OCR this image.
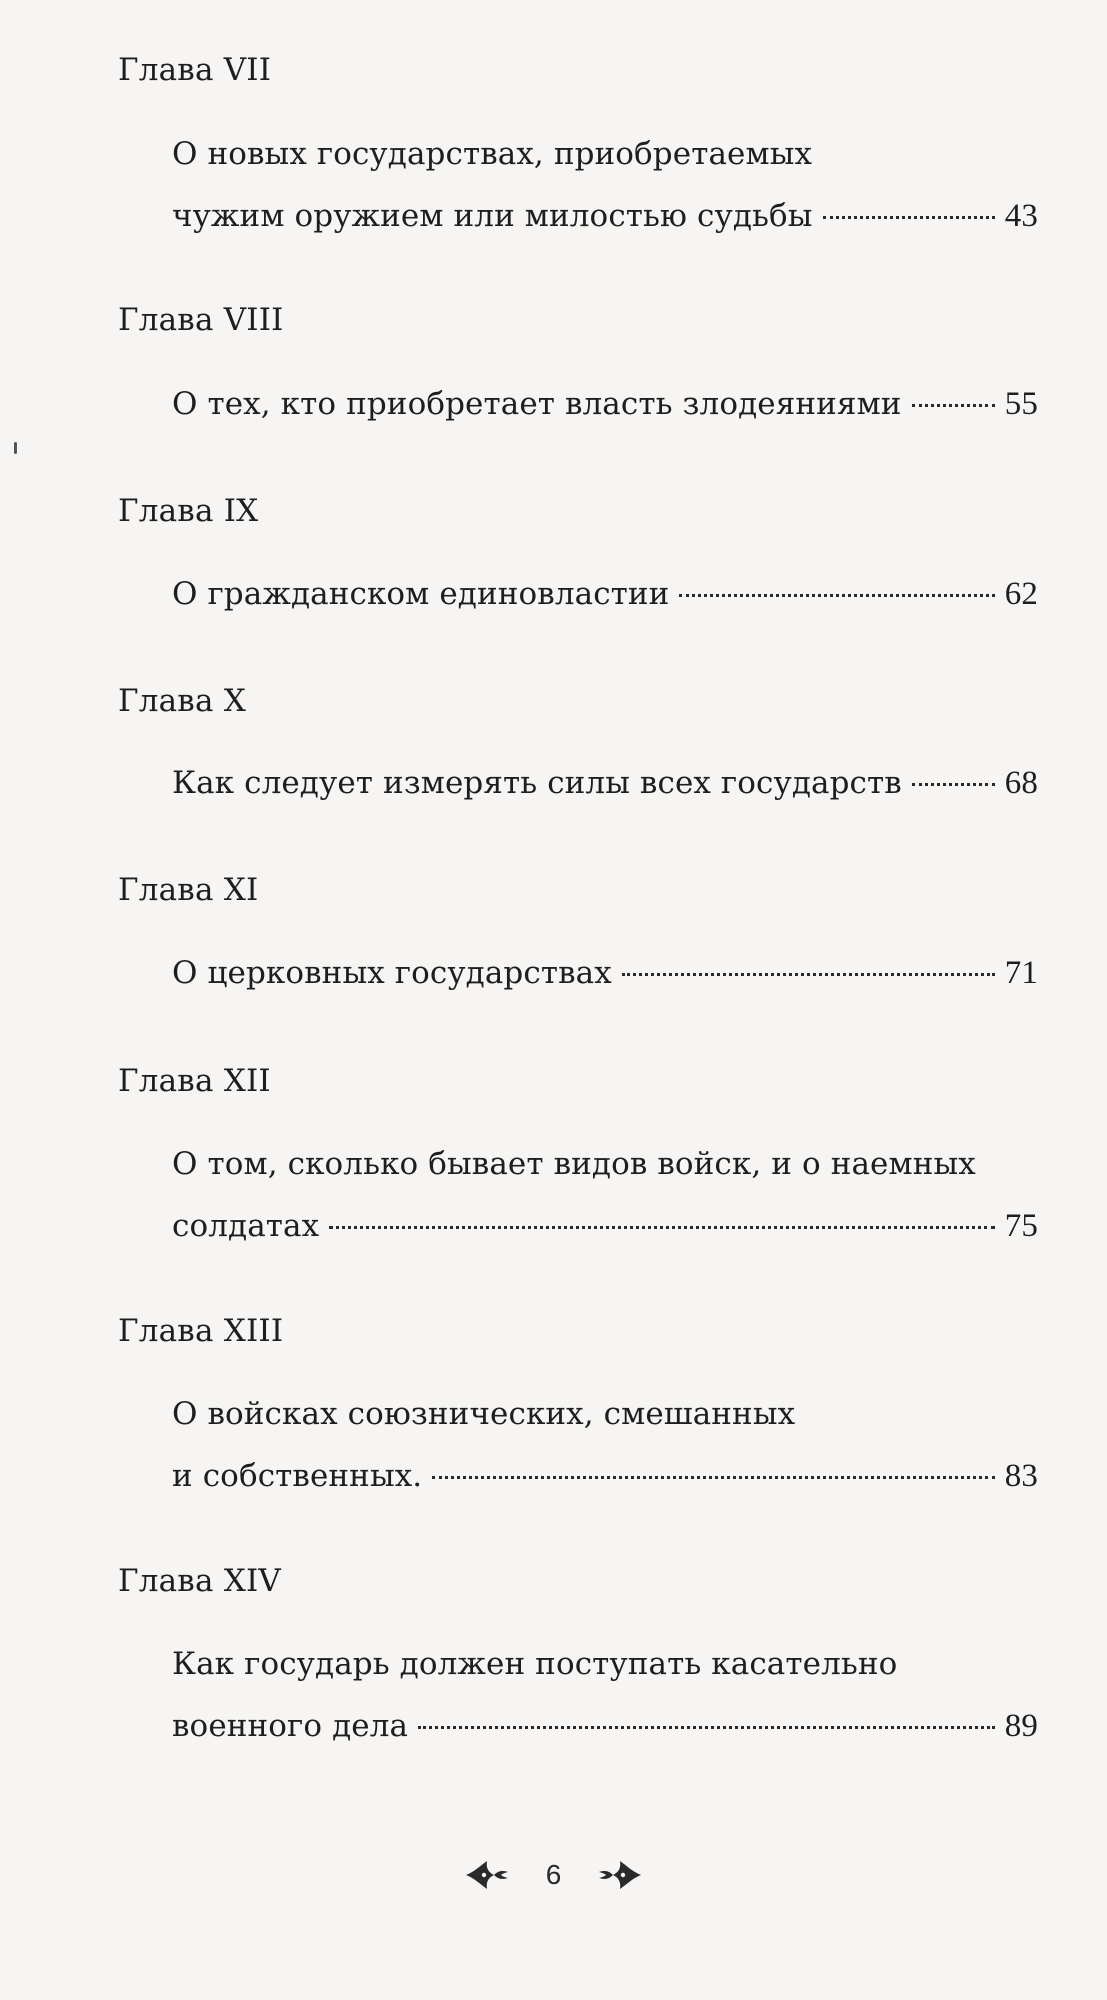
Глава VII
О новых государствах, приобретаемых
чужим оружием или милостью судьбы	43
Глава VIII
О тех, кто приобретает власть злодеяниями	55
Глава IX
О гражданском единовластии	62
Глава X
Как следует измерять силы всех государств	68
Глава XI
О церковных государствах	71
Глава XII
О том, сколько бывает видов войск, и о наемных
солдатах	75
Глава XIII
О войсках союзнических, смешанных
и собственных.	83
Глава XIV
Как государь должен поступать касательно
военного дела	89
6
